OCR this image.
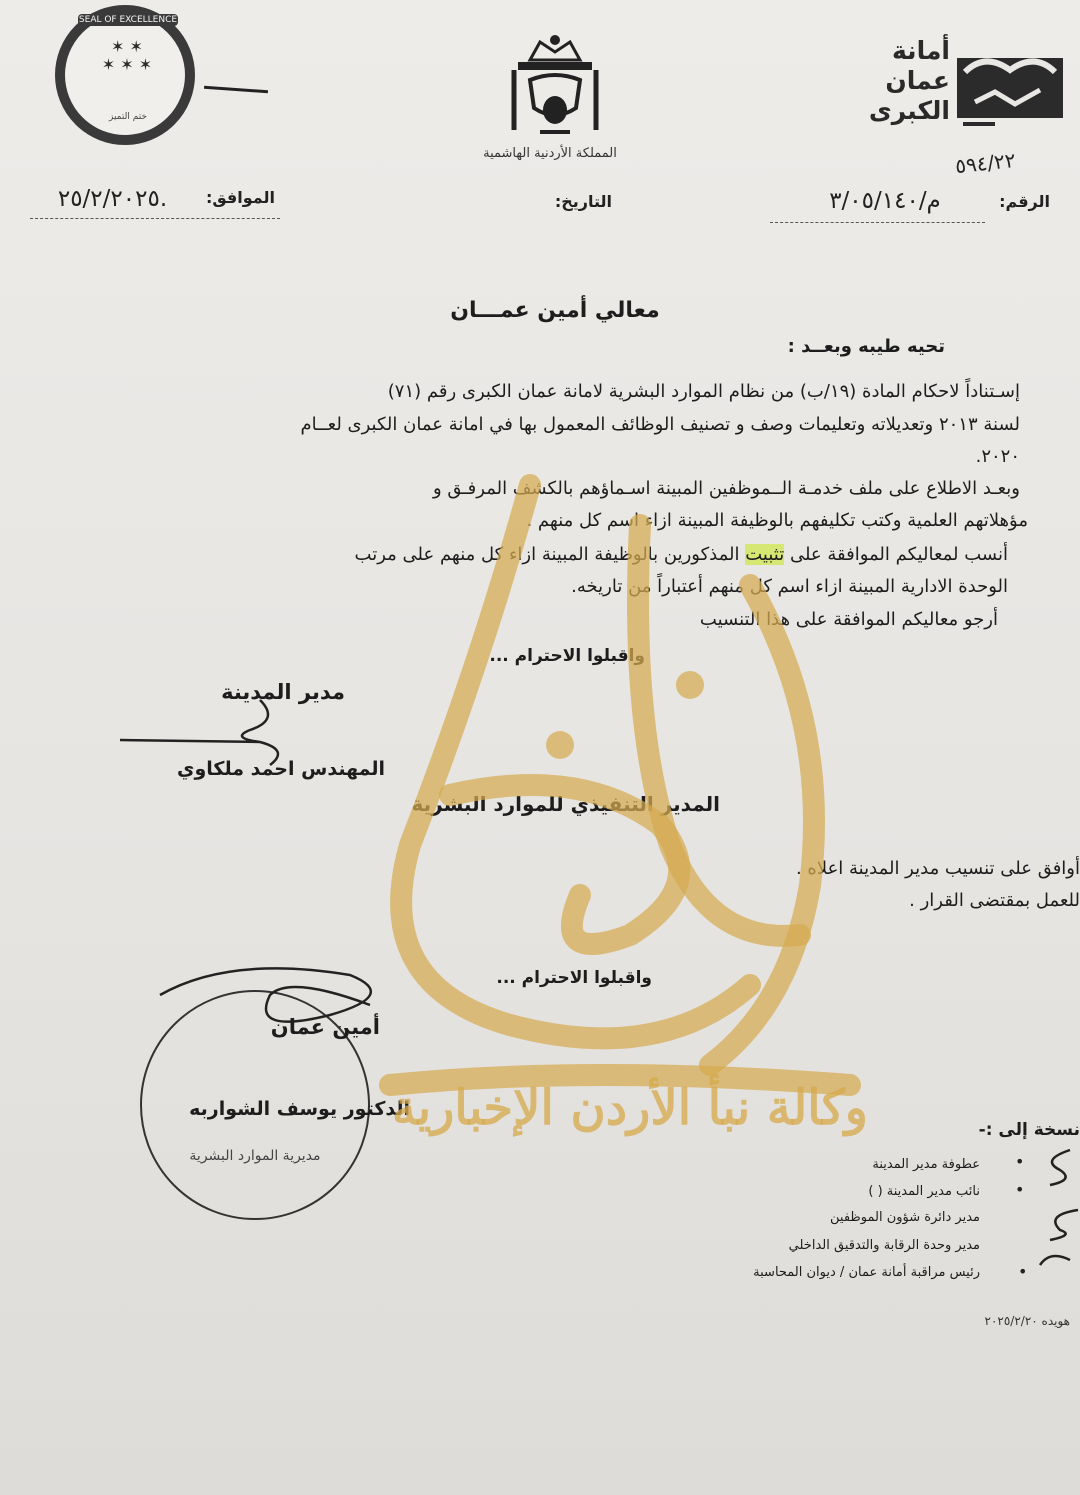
SEAL OF EXCELLENCE
✶ ✶
✶ ✶ ✶
ختم التميز
المملكة الأردنية الهاشمية
أمانة
عمان
الكبرى
٥٩٤/٢٢
الرقم:
م/٣/٠٥/١٤٠
التاريخ:
الموافق:
٢٥/٢/٢٠٢٥.
معالي أمين عمـــان
تحيه طيبه وبعــد :
إسـتناداً لاحكام المادة (١٩/ب) من نظام الموارد البشرية لامانة عمان الكبرى رقم (٧١)
لسنة ٢٠١٣ وتعديلاته وتعليمات وصف و تصنيف الوظائف المعمول بها في امانة عمان الكبرى لعــام
٢٠٢٠.
وبعـد الاطلاع على ملف خدمـة الــموظفين المبينة اسـماؤهم بالكشف المرفـق و
مؤهلاتهم العلمية وكتب تكليفهم بالوظيفة المبينة ازاء اسم كل منهم .
أنسب لمعاليكم الموافقة على تثبيت المذكورين بالوظيفة المبينة ازاء كل منهم على مرتب
الوحدة الادارية المبينة ازاء اسم كل منهم أعتباراً من تاريخه.
أرجو معاليكم الموافقة على هذا التنسيب
واقبلوا الاحترام ...
مدير المدينة
المهندس احمد ملكاوي
المدير التنفيذي للموارد البشرية
أوافق على تنسيب مدير المدينة اعلاه .
للعمل بمقتضى القرار .
واقبلوا الاحترام ...
أمين عمان
الدكتور يوسف الشواربه
مديرية الموارد البشرية
نسخة إلى :-
عطوفة مدير المدينة
نائب مدير المدينة ( )
مدير دائرة شؤون الموظفين
مدير وحدة الرقابة والتدقيق الداخلي
رئيس مراقبة أمانة عمان / ديوان المحاسبة
•
•
•
هويده ٢٠٢٥/٢/٢٠
وكالة نبأ الأردن الإخبارية
